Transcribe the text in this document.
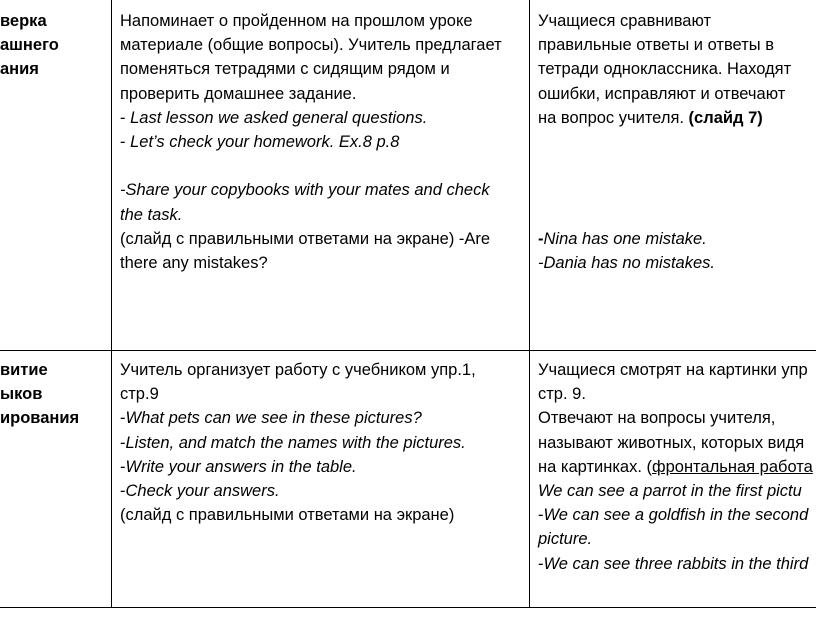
верка
ашнего
ания
Напоминает о пройденном на прошлом уроке
материале (общие вопросы). Учитель предлагает
поменяться тетрадями с сидящим рядом и
проверить домашнее задание.
- Last lesson we asked general questions.
- Let’s check your homework. Ex.8 p.8
-Share your copybooks with your mates and check
the task.
(слайд с правильными ответами на экране) -Are
there any mistakes?
Учащиеся сравнивают
правильные ответы и ответы в
тетради одноклассника. Находят
ошибки, исправляют и отвечают
на вопрос учителя. (слайд 7)
-Nina has one mistake.
-Dania has no mistakes.
витие
ыков
ирования
Учитель организует работу с учебником упр.1,
стр.9
-What pets can we see in these pictures?
-Listen, and match the names with the pictures.
-Write your answers in the table.
-Check your answers.
(слайд с правильными ответами на экране)
Учащиеся смотрят на картинки упр
стр. 9.
Отвечают на вопросы учителя,
называют животных, которых видя
на картинках. (фронтальная работа
We can see a parrot in the first pictu
-We can see a goldfish in the second
picture.
-We can see three rabbits in the third
